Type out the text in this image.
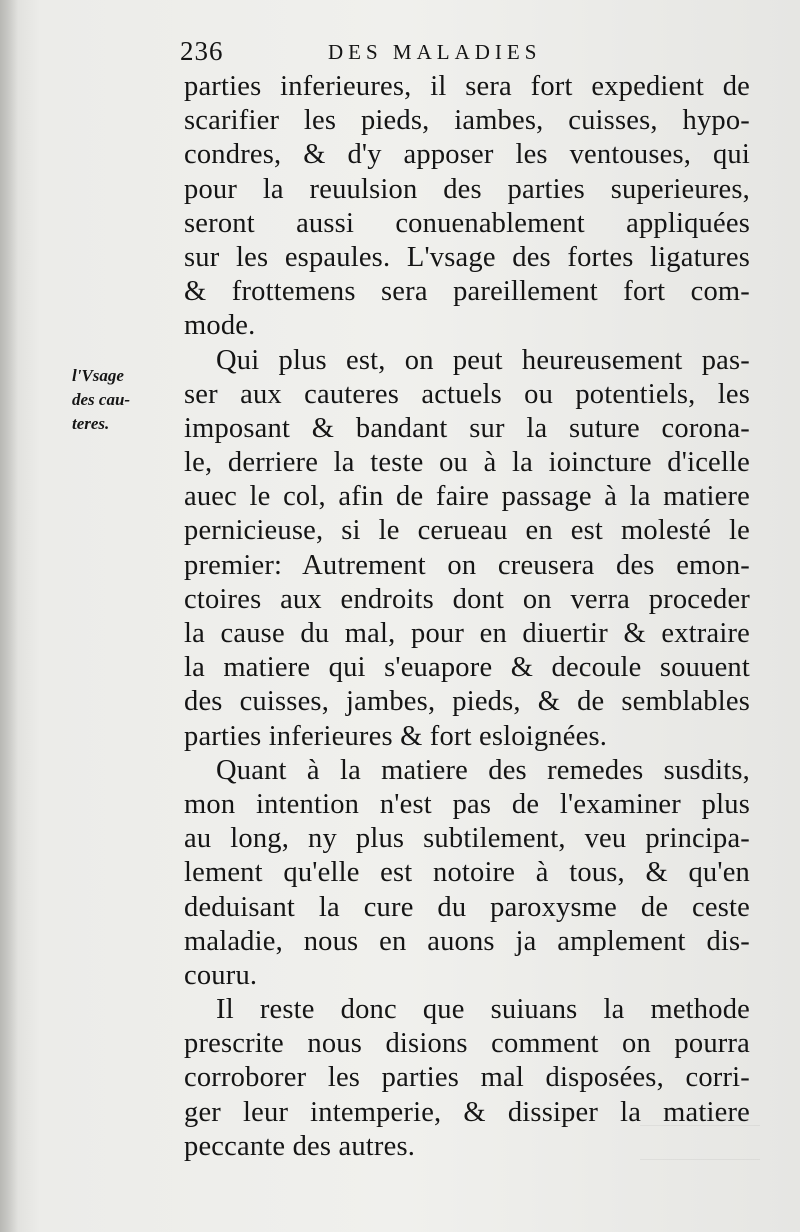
236	DES MALADIES
l'Vsage
des cau-
teres.
parties inferieures, il sera fort expedient de
scarifier les pieds, iambes, cuisses, hypo-
condres, & d'y apposer les ventouses, qui
pour la reuulsion des parties superieures,
seront aussi conuenablement appliquées
sur les espaules. L'vsage des fortes ligatures
& frottemens sera pareillement fort com-
mode.
Qui plus est, on peut heureusement pas-
ser aux cauteres actuels ou potentiels, les
imposant & bandant sur la suture corona-
le, derriere la teste ou à la ioincture d'icelle
auec le col, afin de faire passage à la matiere
pernicieuse, si le cerueau en est molesté le
premier: Autrement on creusera des emon-
ctoires aux endroits dont on verra proceder
la cause du mal, pour en diuertir & extraire
la matiere qui s'euapore & decoule souuent
des cuisses, jambes, pieds, & de semblables
parties inferieures & fort esloignées.
Quant à la matiere des remedes susdits,
mon intention n'est pas de l'examiner plus
au long, ny plus subtilement, veu principa-
lement qu'elle est notoire à tous, & qu'en
deduisant la cure du paroxysme de ceste
maladie, nous en auons ja amplement dis-
couru.
Il reste donc que suiuans la methode
prescrite nous disions comment on pourra
corroborer les parties mal disposées, corri-
ger leur intemperie, & dissiper la matiere
peccante des autres.
